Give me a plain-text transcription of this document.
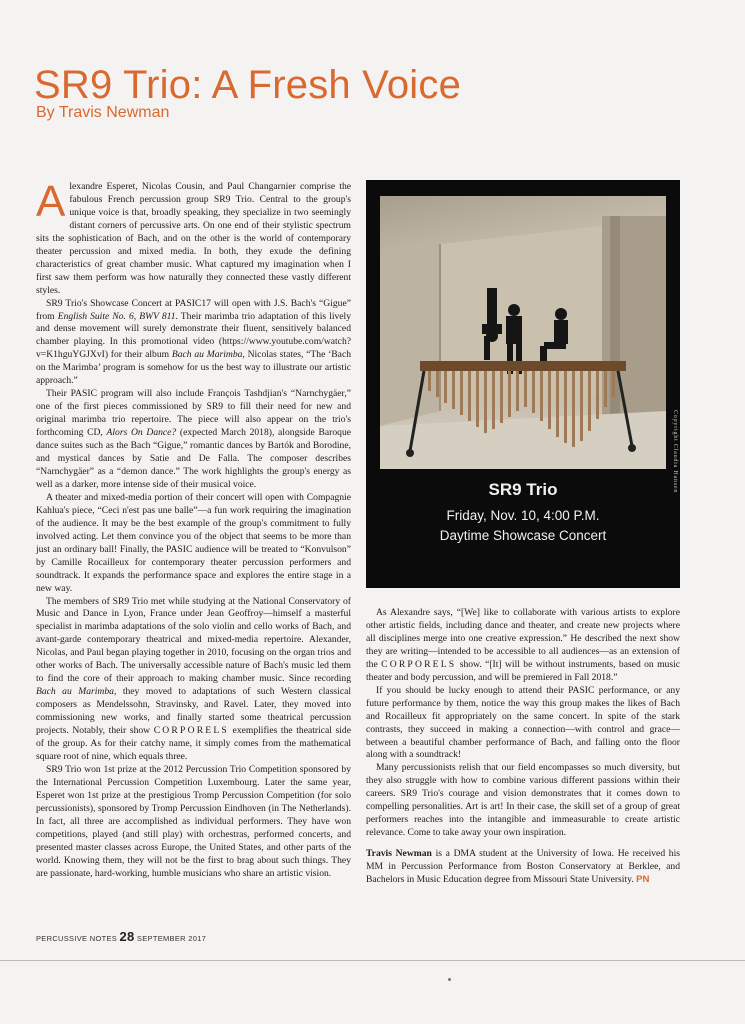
SR9 Trio: A Fresh Voice
By Travis Newman

Alexandre Esperet, Nicolas Cousin, and Paul Changarnier comprise the fabulous French percussion group SR9 Trio. Central to the group's unique voice is that, broadly speaking, they specialize in two seemingly distant corners of percussive arts. On one end of their stylistic spectrum sits the sophistication of Bach, and on the other is the world of contemporary theater percussion and mixed media. In both, they exude the defining characteristics of great chamber music. What captured my imagination when I first saw them perform was how naturally they connected these vastly different styles.

SR9 Trio's Showcase Concert at PASIC17 will open with J.S. Bach's “Gigue” from English Suite No. 6, BWV 811. Their marimba trio adaptation of this lively and dense movement will surely demonstrate their fluent, sensitively balanced chamber playing. In this promotional video (https://www.youtube.com/watch?v=K1hguYGJXvI) for their album Bach au Marimba, Nicolas states, “The ‘Bach on the Marimba’ program is somehow for us the best way to illustrate our artistic approach.”

Their PASIC program will also include François Tashdjian's “Narnchygäer,” one of the first pieces commissioned by SR9 to fill their need for new and original marimba trio repertoire. The piece will also appear on the trio's forthcoming CD, Alors On Dance? (expected March 2018), alongside Baroque dance suites such as the Bach “Gigue,” romantic dances by Bartók and Borodine, and mystical dances by Satie and De Falla. The composer describes “Narnchygäer” as a “demon dance.” The work highlights the group's energy as well as a darker, more intense side of their musical voice.

A theater and mixed-media portion of their concert will open with Compagnie Kahlua's piece, “Ceci n'est pas une balle”—a fun work requiring the imagination of the audience. It may be the best example of the group's commitment to fully involved acting. Let them convince you of the object that seems to be more than just an ordinary ball! Finally, the PASIC audience will be treated to “Konvulson” by Camille Rocailleux for contemporary theater percussion performers and soundtrack. It expands the performance space and explores the entire stage in a new way.

The members of SR9 Trio met while studying at the National Conservatory of Music and Dance in Lyon, France under Jean Geoffroy—himself a masterful specialist in marimba adaptations of the solo violin and cello works of Bach, and avant-garde contemporary theatrical and mixed-media repertoire. Alexander, Nicolas, and Paul began playing together in 2010, focusing on the organ trios and other works of Bach. The universally accessible nature of Bach's music led them to find the core of their approach to making chamber music. Since recording Bach au Marimba, they moved to adaptations of such Western classical composers as Mendelssohn, Stravinsky, and Ravel. Later, they moved into commissioning new works, and finally started some theatrical percussion projects. Notably, their show CORPORELS exemplifies the theatrical side of the group. As for their catchy name, it simply comes from the mathematical square root of nine, which equals three.

SR9 Trio won 1st prize at the 2012 Percussion Trio Competition sponsored by the International Percussion Competition Luxembourg. Later the same year, Esperet won 1st prize at the prestigious Tromp Percussion Competition (for solo percussionists), sponsored by Tromp Percussion Eindhoven (in The Netherlands). In fact, all three are accomplished as individual performers. They have won competitions, played (and still play) with orchestras, performed concerts, and presented master classes across Europe, the United States, and other parts of the world. Knowing them, they will not be the first to brag about such things. They are passionate, hard-working, humble musicians who share an artistic vision.

Copyright Claudia Hansen
SR9 Trio
Friday, Nov. 10, 4:00 P.M.
Daytime Showcase Concert

As Alexandre says, “[We] like to collaborate with various artists to explore other artistic fields, including dance and theater, and create new projects where all disciplines merge into one creative expression.” He described the next show they are writing—intended to be accessible to all audiences—as an extension of the CORPORELS show. “[It] will be without instruments, based on music theater and body percussion, and will be premiered in Fall 2018.”

If you should be lucky enough to attend their PASIC performance, or any future performance by them, notice the way this group makes the likes of Bach and Rocailleux fit appropriately on the same concert. In spite of the stark contrasts, they succeed in making a connection—with control and grace—between a beautiful chamber performance of Bach, and falling onto the floor along with a soundtrack!

Many percussionists relish that our field encompasses so much diversity, but they also struggle with how to combine various different passions within their careers. SR9 Trio's courage and vision demonstrates that it comes down to compelling personalities. Art is art! In their case, the skill set of a group of great performers reaches into the intangible and immeasurable to create artistic relevance. Come to take away your own inspiration.

Travis Newman is a DMA student at the University of Iowa. He received his MM in Percussion Performance from Boston Conservatory at Berklee, and Bachelors in Music Education degree from Missouri State University. PN

PERCUSSIVE NOTES 28 SEPTEMBER 2017
